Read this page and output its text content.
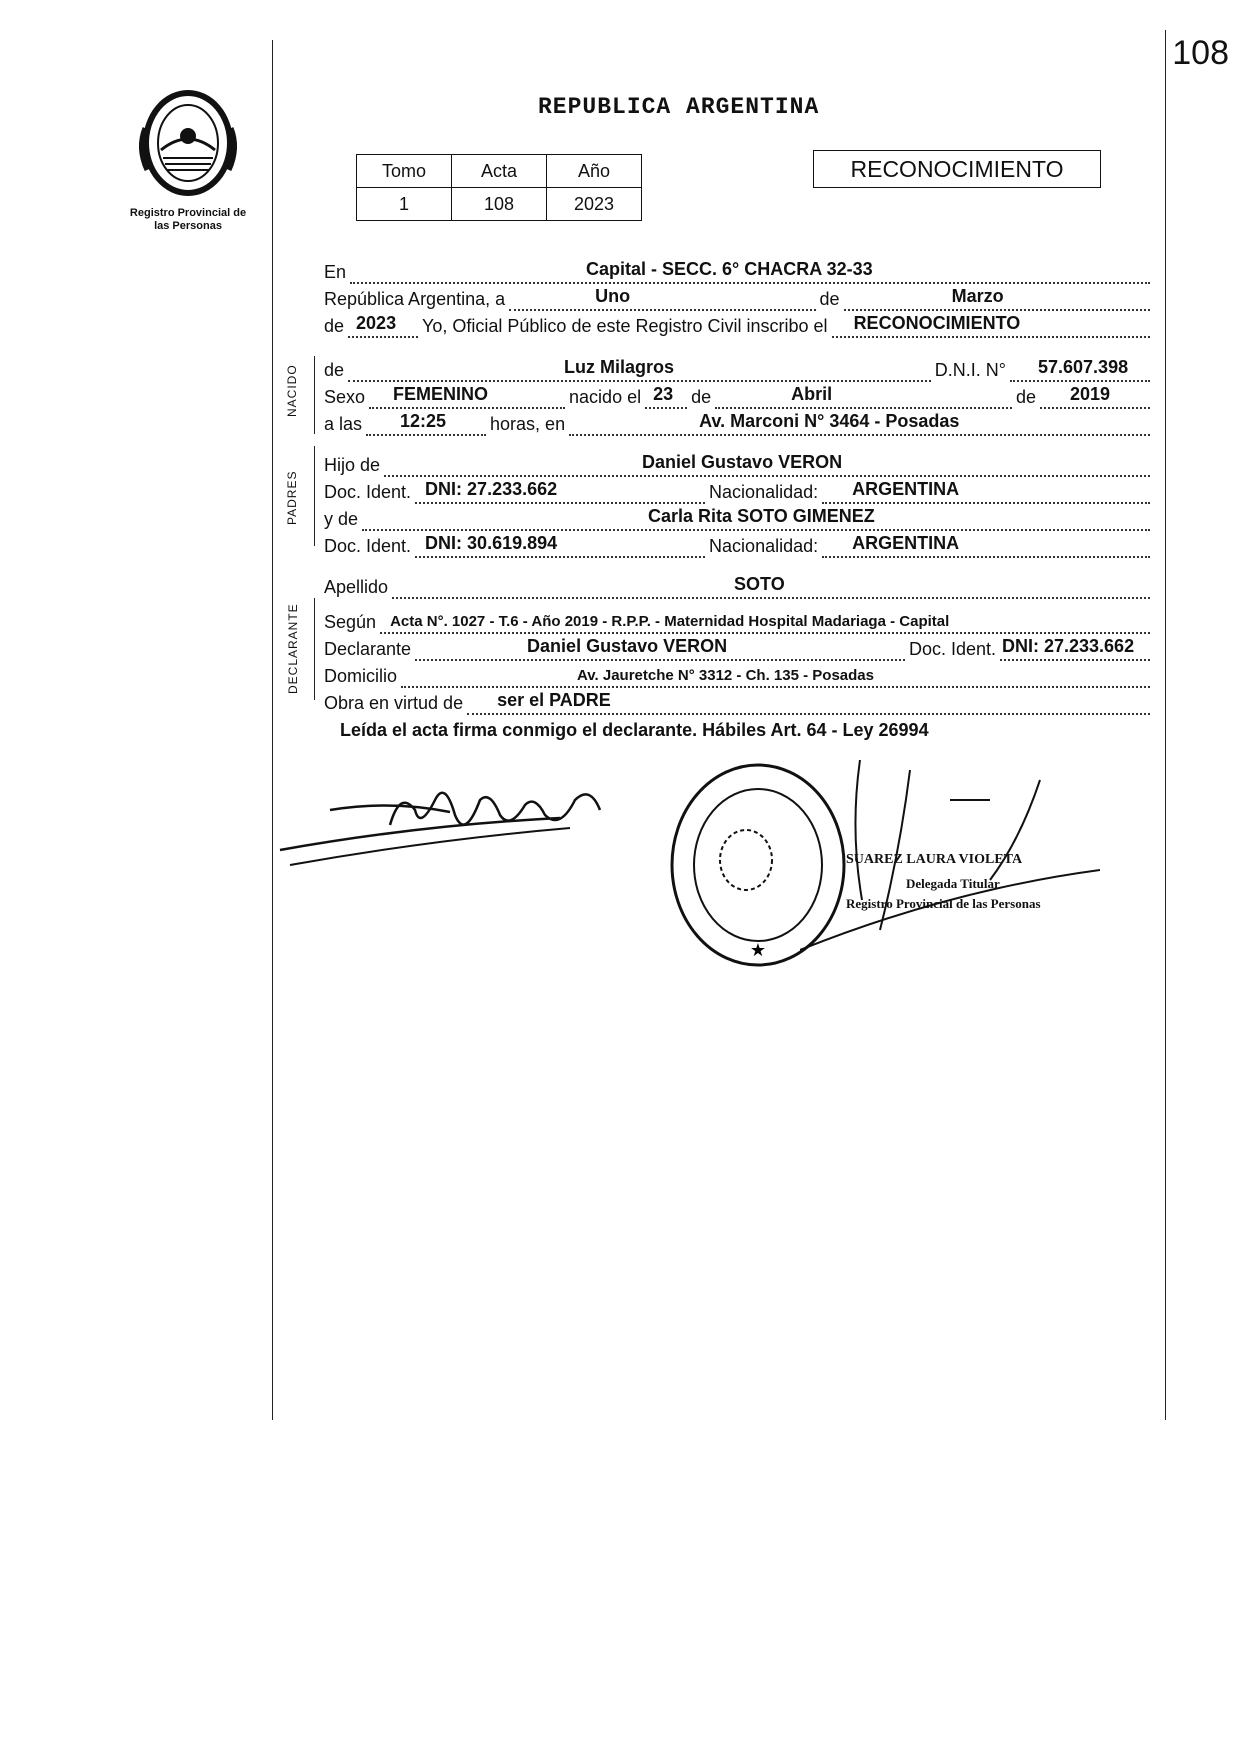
108
Registro Provincial de las Personas
REPUBLICA ARGENTINA
Tomo	Acta	Año
1	108	2023
RECONOCIMIENTO
NACIDO
PADRES
DECLARANTE
En	Capital - SECC. 6° CHACRA 32-33
República Argentina, a	Uno	de	Marzo
de 2023 Yo, Oficial Público de este Registro Civil inscribo el RECONOCIMIENTO
de	Luz Milagros	D.N.I. N° 57.607.398
Sexo FEMENINO	nacido el 23 de	Abril	de 2019
a las 12:25 horas, en	Av. Marconi N° 3464 - Posadas
Hijo de	Daniel Gustavo VERON
Doc. Ident. DNI: 27.233.662	Nacionalidad: ARGENTINA
y de	Carla Rita SOTO GIMENEZ
Doc. Ident. DNI: 30.619.894	Nacionalidad: ARGENTINA
Apellido	SOTO
Según Acta N°. 1027 - T.6 - Año 2019 - R.P.P. - Maternidad Hospital Madariaga - Capital
Declarante	Daniel Gustavo VERON	Doc. Ident. DNI: 27.233.662
Domicilio	Av. Jauretche N° 3312 - Ch. 135 - Posadas
Obra en virtud de ser el PADRE
Leída el acta firma conmigo el declarante. Hábiles Art. 64 - Ley 26994
★
SUAREZ LAURA VIOLETA
Delegada Titular
Registro Provincial de las Personas
